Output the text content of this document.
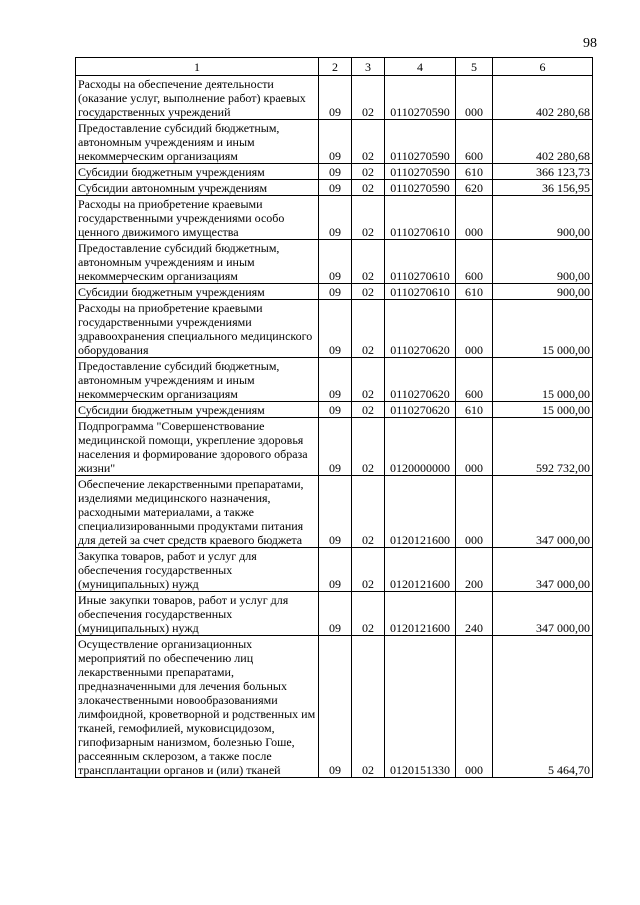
98
1	2	3	4	5	6
Расходы на обеспечение деятельности (оказание услуг, выполнение работ) краевых государственных учреждений	09	02	0110270590	000	402 280,68
Предоставление субсидий бюджетным, автономным учреждениям и иным некоммерческим организациям	09	02	0110270590	600	402 280,68
Субсидии бюджетным учреждениям	09	02	0110270590	610	366 123,73
Субсидии автономным учреждениям	09	02	0110270590	620	36 156,95
Расходы на приобретение краевыми государственными учреждениями особо ценного движимого имущества	09	02	0110270610	000	900,00
Предоставление субсидий бюджетным, автономным учреждениям и иным некоммерческим организациям	09	02	0110270610	600	900,00
Субсидии бюджетным учреждениям	09	02	0110270610	610	900,00
Расходы на приобретение краевыми государственными учреждениями здравоохранения специального медицинского оборудования	09	02	0110270620	000	15 000,00
Предоставление субсидий бюджетным, автономным учреждениям и иным некоммерческим организациям	09	02	0110270620	600	15 000,00
Субсидии бюджетным учреждениям	09	02	0110270620	610	15 000,00
Подпрограмма "Совершенствование медицинской помощи, укрепление здоровья населения и формирование здорового образа жизни"	09	02	0120000000	000	592 732,00
Обеспечение лекарственными препаратами, изделиями медицинского назначения, расходными материалами, а также специализированными продуктами питания для детей за счет средств краевого бюджета	09	02	0120121600	000	347 000,00
Закупка товаров, работ и услуг для обеспечения государственных (муниципальных) нужд	09	02	0120121600	200	347 000,00
Иные закупки товаров, работ и услуг для обеспечения государственных (муниципальных) нужд	09	02	0120121600	240	347 000,00
Осуществление организационных мероприятий по обеспечению лиц лекарственными препаратами, предназначенными для лечения больных злокачественными новообразованиями лимфоидной, кроветворной и родственных им тканей, гемофилией, муковисцидозом, гипофизарным нанизмом, болезнью Гоше, рассеянным склерозом, а также после трансплантации органов и (или) тканей	09	02	0120151330	000	5 464,70
